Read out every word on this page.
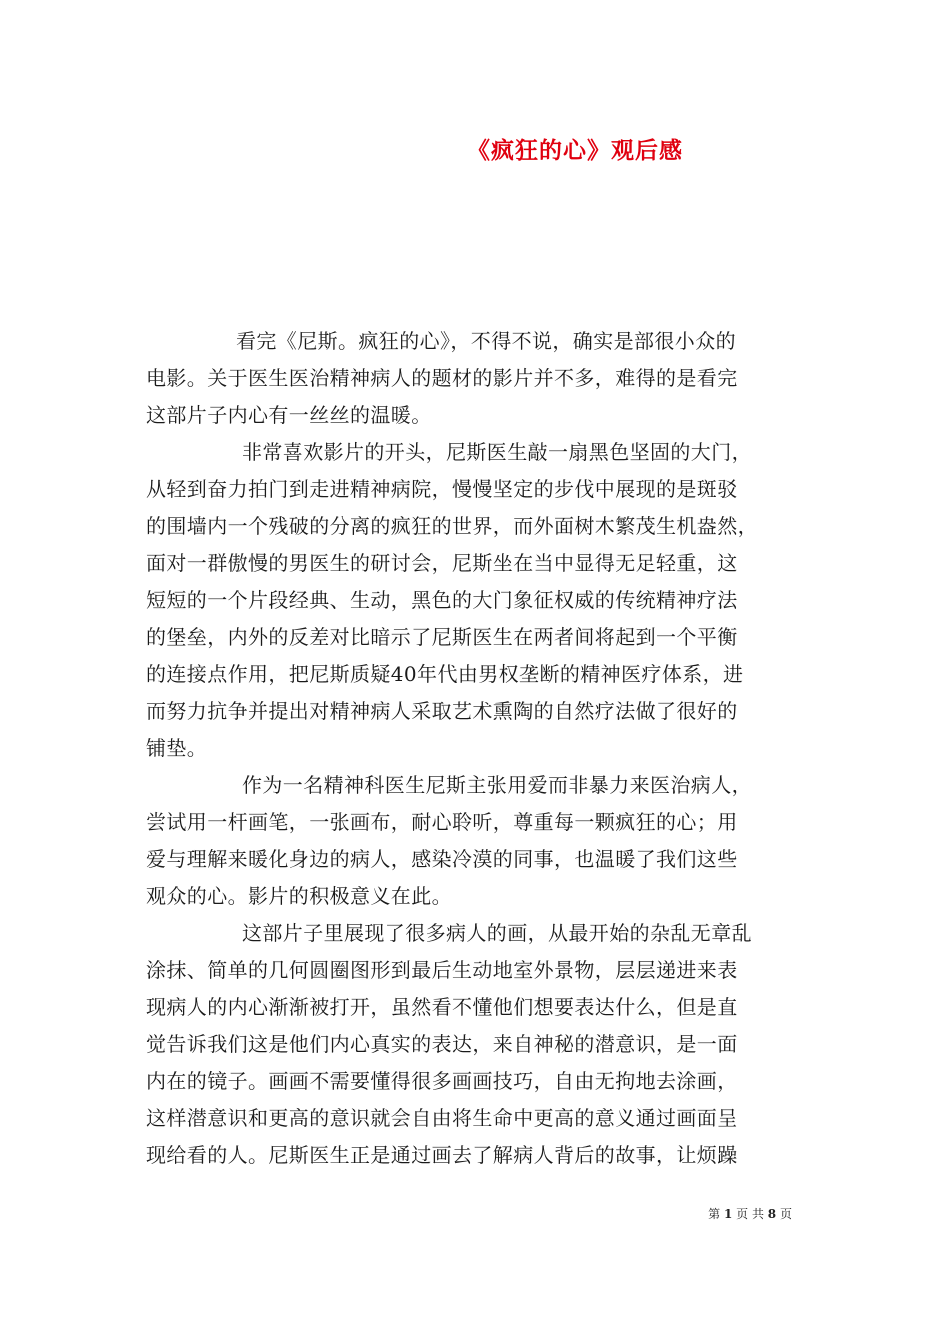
《疯狂的心》观后感
看完《尼斯。疯狂的心》，不得不说，确实是部很小众的
电影。关于医生医治精神病人的题材的影片并不多，难得的是看完
这部片子内心有一丝丝的温暖。
非常喜欢影片的开头，尼斯医生敲一扇黑色坚固的大门，
从轻到奋力拍门到走进精神病院，慢慢坚定的步伐中展现的是斑驳
的围墙内一个残破的分离的疯狂的世界，而外面树木繁茂生机盎然，
面对一群傲慢的男医生的研讨会，尼斯坐在当中显得无足轻重，这
短短的一个片段经典、生动，黑色的大门象征权威的传统精神疗法
的堡垒，内外的反差对比暗示了尼斯医生在两者间将起到一个平衡
的连接点作用，把尼斯质疑40年代由男权垄断的精神医疗体系，进
而努力抗争并提出对精神病人采取艺术熏陶的自然疗法做了很好的
铺垫。
作为一名精神科医生尼斯主张用爱而非暴力来医治病人，
尝试用一杆画笔，一张画布，耐心聆听，尊重每一颗疯狂的心；用
爱与理解来暖化身边的病人，感染冷漠的同事，也温暖了我们这些
观众的心。影片的积极意义在此。
这部片子里展现了很多病人的画，从最开始的杂乱无章乱
涂抹、简单的几何圆圈图形到最后生动地室外景物，层层递进来表
现病人的内心渐渐被打开，虽然看不懂他们想要表达什么，但是直
觉告诉我们这是他们内心真实的表达，来自神秘的潜意识，是一面
内在的镜子。画画不需要懂得很多画画技巧，自由无拘地去涂画，
这样潜意识和更高的意识就会自由将生命中更高的意义通过画面呈
现给看的人。尼斯医生正是通过画去了解病人背后的故事，让烦躁
第 1 页 共 8 页
